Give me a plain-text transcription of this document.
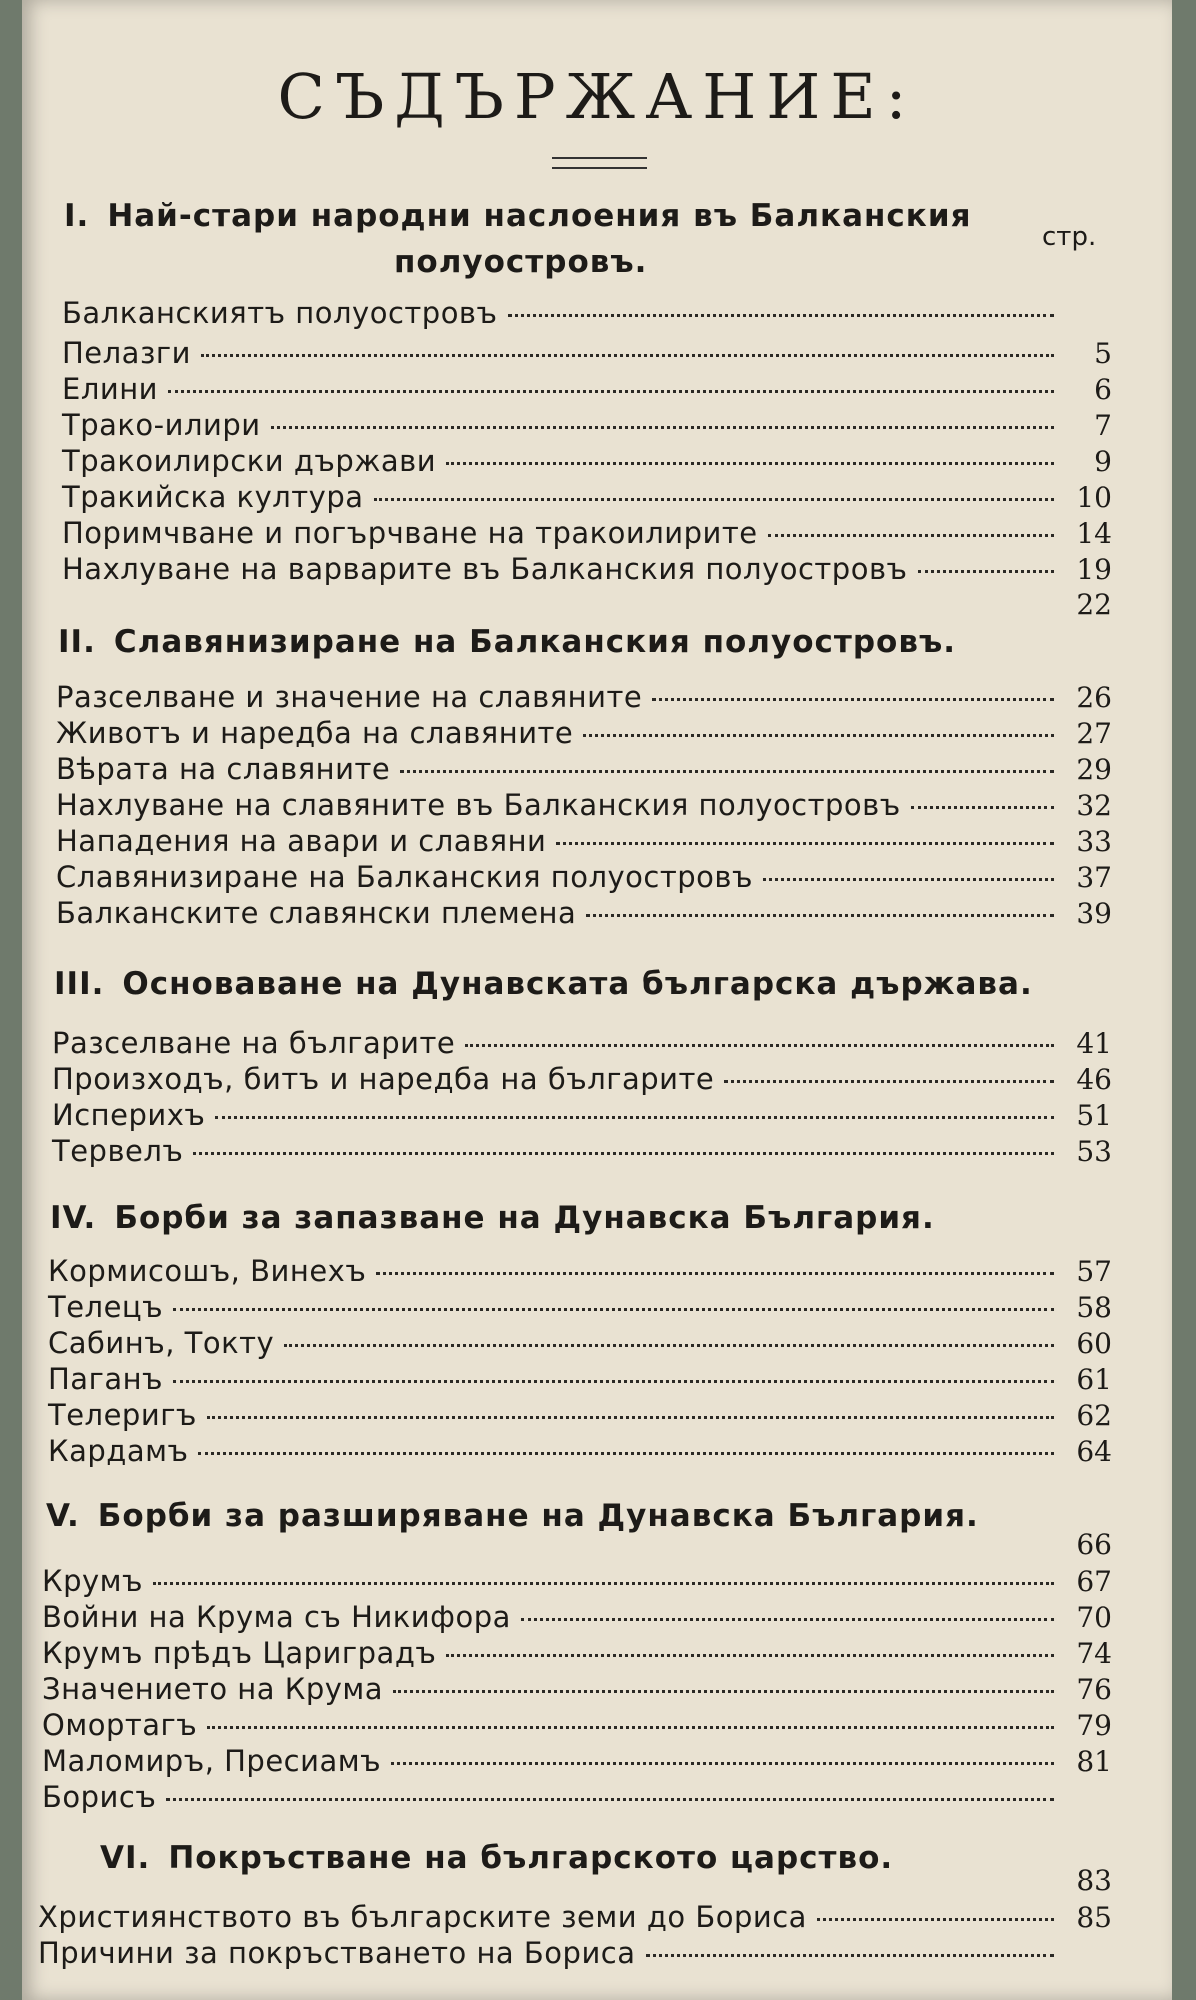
СЪДЪРЖАНИЕ:
стр.
I. Най-стари народни наслоения въ Балканския
полуостровъ.
Балканскиятъ полуостровъ
Пелазги	5
Елини	6
Трако-илири	7
Тракоилирски държави	9
Тракийска култура	10
Поримчване и погърчване на тракоилирите	14
Нахлуване на варварите въ Балканския полуостровъ	19
22
II. Славянизиране на Балканския полуостровъ.
Разселване и значение на славяните	26
Животъ и наредба на славяните	27
Вѣрата на славяните	29
Нахлуване на славяните въ Балканския полуостровъ	32
Нападения на авари и славяни	33
Славянизиране на Балканския полуостровъ	37
Балканските славянски племена	39
III. Основаване на Дунавската българска държава.
Разселване на българите	41
Произходъ, битъ и наредба на българите	46
Испериxъ	51
Тервелъ	53
IV. Борби за запазване на Дунавска България.
Кормисошъ, Винехъ	57
Телецъ	58
Сабинъ, Токту	60
Паганъ	61
Телеригъ	62
Кардамъ	64
V. Борби за разширяване на Дунавска България.
66
Крумъ	67
Войни на Крума съ Никифора	70
Крумъ прѣдъ Цариградъ	74
Значението на Крума	76
Омортагъ	79
Маломиръ, Пресиамъ	81
Борисъ
VI. Покръстване на българското царство.
83
Християнството въ българските земи до Бориса	85
Причини за покръстването на Бориса
